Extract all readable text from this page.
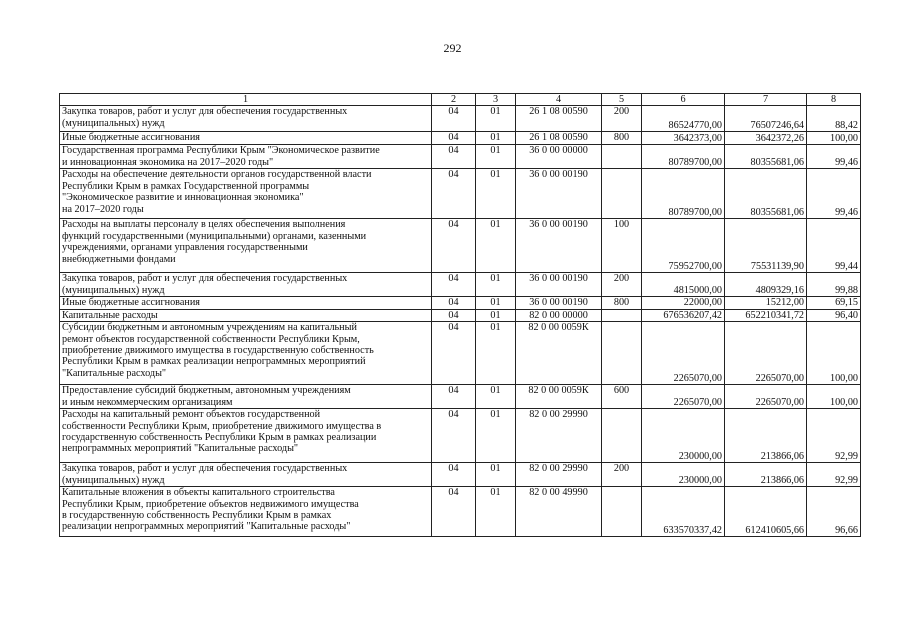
292
1	2	3	4	5	6	7	8
Закупка товаров, работ и услуг для обеспечения государственных
(муниципальных) нужд	04	01	26 1 08 00590	200	86524770,00	76507246,64	88,42
Иные бюджетные ассигнования	04	01	26 1 08 00590	800	3642373,00	3642372,26	100,00
Государственная программа Республики Крым "Экономическое развитие
и инновационная экономика на 2017–2020 годы"	04	01	36 0 00 00000		80789700,00	80355681,06	99,46
Расходы на обеспечение деятельности органов государственной власти
Республики Крым в рамках Государственной программы
"Экономическое развитие и инновационная экономика"
на 2017–2020 годы	04	01	36 0 00 00190		80789700,00	80355681,06	99,46
Расходы на выплаты персоналу в целях обеспечения выполнения
функций государственными (муниципальными) органами, казенными
учреждениями, органами управления государственными
внебюджетными фондами	04	01	36 0 00 00190	100	75952700,00	75531139,90	99,44
Закупка товаров, работ и услуг для обеспечения государственных
(муниципальных) нужд	04	01	36 0 00 00190	200	4815000,00	4809329,16	99,88
Иные бюджетные ассигнования	04	01	36 0 00 00190	800	22000,00	15212,00	69,15
Капитальные расходы	04	01	82 0 00 00000		676536207,42	652210341,72	96,40
Субсидии бюджетным и автономным учреждениям на капитальный
ремонт объектов государственной собственности Республики Крым,
приобретение движимого имущества в государственную собственность
Республики Крым в рамках реализации непрограммных мероприятий
"Капитальные расходы"	04	01	82 0 00 0059К		2265070,00	2265070,00	100,00
Предоставление субсидий бюджетным, автономным учреждениям
и иным некоммерческим организациям	04	01	82 0 00 0059К	600	2265070,00	2265070,00	100,00
Расходы на капитальный ремонт объектов государственной
собственности Республики Крым, приобретение движимого имущества в
государственную собственность Республики Крым в рамках реализации
непрограммных мероприятий "Капитальные расходы"	04	01	82 0 00 29990		230000,00	213866,06	92,99
Закупка товаров, работ и услуг для обеспечения государственных
(муниципальных) нужд	04	01	82 0 00 29990	200	230000,00	213866,06	92,99
Капитальные вложения в объекты капитального строительства
Республики Крым, приобретение объектов недвижимого имущества
в государственную собственность Республики Крым в рамках
реализации непрограммных мероприятий "Капитальные расходы"	04	01	82 0 00 49990		633570337,42	612410605,66	96,66
